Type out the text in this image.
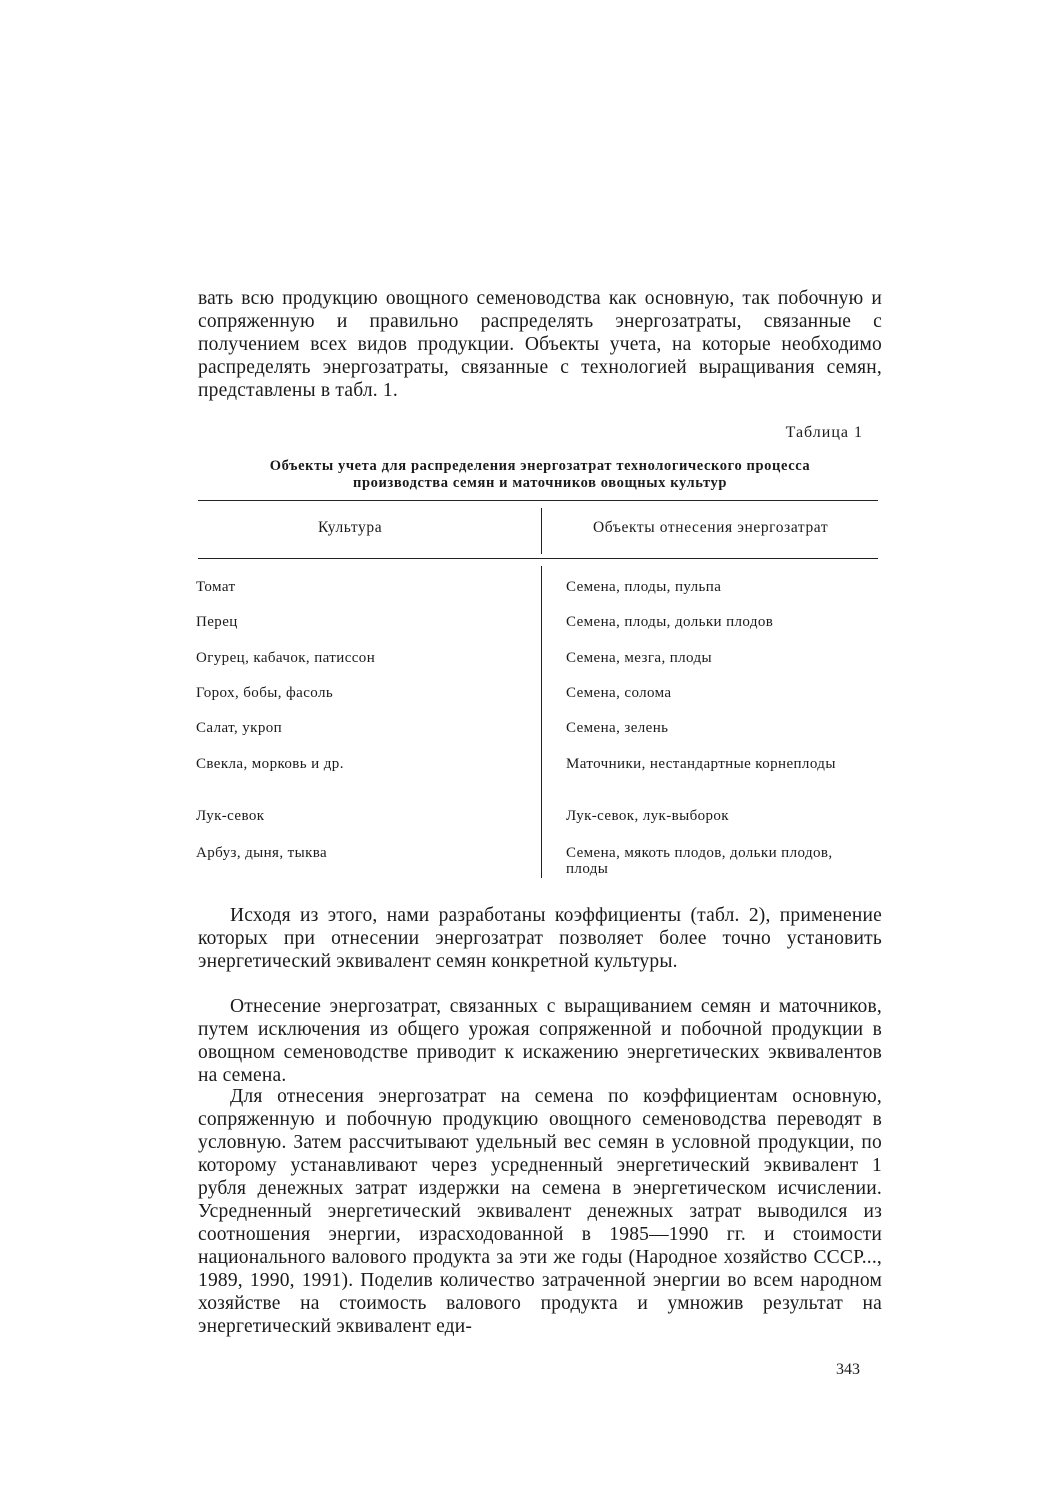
вать всю продукцию овощного семеноводства как основную, так побочную и сопряженную и правильно распределять энергозатраты, связанные с получением всех видов продукции. Объекты учета, на которые необходимо распределять энергозатраты, связанные с технологией выращивания семян, представлены в табл. 1.

Таблица 1
Объекты учета для распределения энергозатрат технологического процесса
производства семян и маточников овощных культур
Культура	Объекты отнесения энергозатрат
Томат	Семена, плоды, пульпа
Перец	Семена, плоды, дольки плодов
Огурец, кабачок, патиссон	Семена, мезга, плоды
Горох, бобы, фасоль	Семена, солома
Салат, укроп	Семена, зелень
Свекла, морковь и др.	Маточники, нестандартные корнеплоды
Лук-севок	Лук-севок, лук-выборок
Арбуз, дыня, тыква	Семена, мякоть плодов, дольки плодов, плоды

Исходя из этого, нами разработаны коэффициенты (табл. 2), применение которых при отнесении энергозатрат позволяет более точно установить энергетический эквивалент семян конкретной культуры.

Отнесение энергозатрат, связанных с выращиванием семян и маточников, путем исключения из общего урожая сопряженной и побочной продукции в овощном семеноводстве приводит к искажению энергетических эквивалентов на семена.

Для отнесения энергозатрат на семена по коэффициентам основную, сопряженную и побочную продукцию овощного семеноводства переводят в условную. Затем рассчитывают удельный вес семян в условной продукции, по которому устанавливают через усредненный энергетический эквивалент 1 рубля денежных затрат издержки на семена в энергетическом исчислении. Усредненный энергетический эквивалент денежных затрат выводился из соотношения энергии, израсходованной в 1985—1990 гг. и стоимости национального валового продукта за эти же годы (Народное хозяйство СССР..., 1989, 1990, 1991). Поделив количество затраченной энергии во всем народном хозяйстве на стоимость валового продукта и умножив результат на энергетический эквивалент еди-

343
